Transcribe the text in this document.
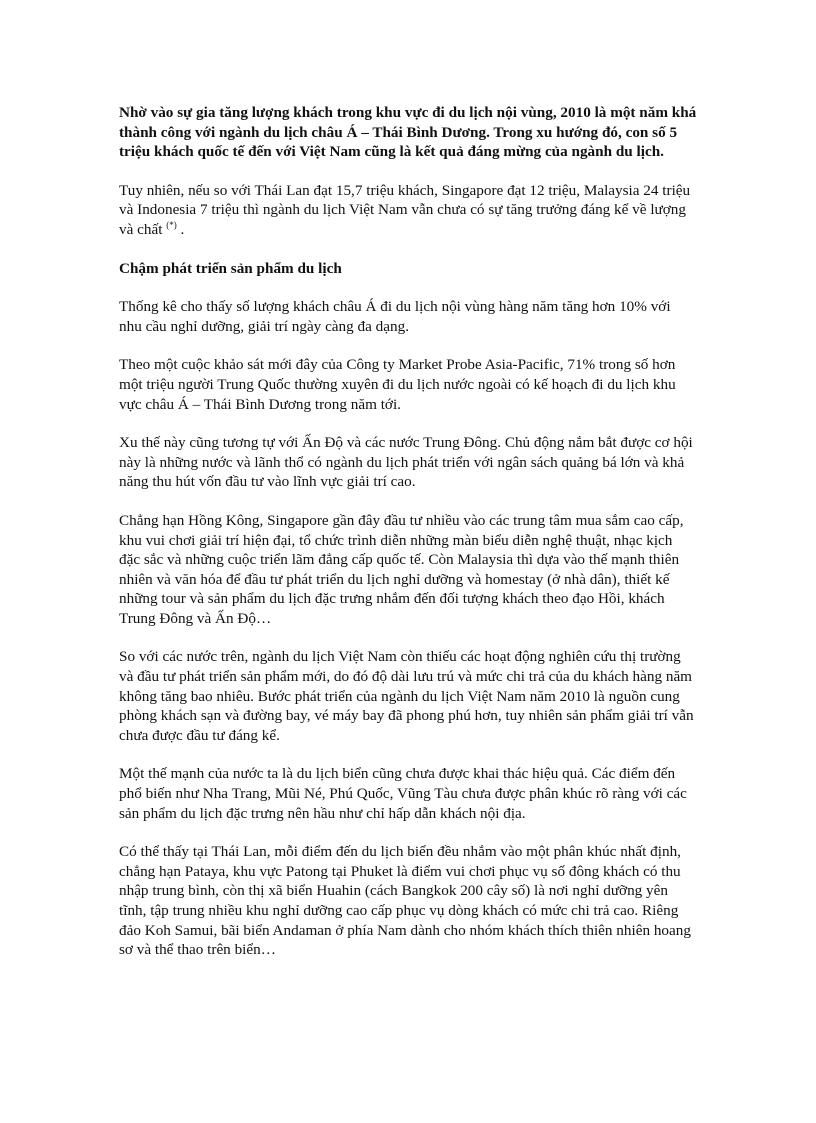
Nhờ vào sự gia tăng lượng khách trong khu vực đi du lịch nội vùng, 2010 là một năm khá thành công với ngành du lịch châu Á – Thái Bình Dương. Trong xu hướng đó, con số 5 triệu khách quốc tế đến với Việt Nam cũng là kết quả đáng mừng của ngành du lịch.

Tuy nhiên, nếu so với Thái Lan đạt 15,7 triệu khách, Singapore đạt 12 triệu, Malaysia 24 triệu và Indonesia 7 triệu thì ngành du lịch Việt Nam vẫn chưa có sự tăng trưởng đáng kể về lượng và chất (*) .

Chậm phát triển sản phẩm du lịch

Thống kê cho thấy số lượng khách châu Á đi du lịch nội vùng hàng năm tăng hơn 10% với nhu cầu nghỉ dưỡng, giải trí ngày càng đa dạng.

Theo một cuộc khảo sát mới đây của Công ty Market Probe Asia-Pacific, 71% trong số hơn một triệu người Trung Quốc thường xuyên đi du lịch nước ngoài có kế hoạch đi du lịch khu vực châu Á – Thái Bình Dương trong năm tới.

Xu thế này cũng tương tự với Ấn Độ và các nước Trung Đông. Chủ động nắm bắt được cơ hội này là những nước và lãnh thổ có ngành du lịch phát triển với ngân sách quảng bá lớn và khả năng thu hút vốn đầu tư vào lĩnh vực giải trí cao.

Chẳng hạn Hồng Kông, Singapore gần đây đầu tư nhiều vào các trung tâm mua sắm cao cấp, khu vui chơi giải trí hiện đại, tổ chức trình diễn những màn biểu diễn nghệ thuật, nhạc kịch đặc sắc và những cuộc triển lãm đẳng cấp quốc tế. Còn Malaysia thì dựa vào thế mạnh thiên nhiên và văn hóa để đầu tư phát triển du lịch nghỉ dưỡng và homestay (ở nhà dân), thiết kế những tour và sản phẩm du lịch đặc trưng nhắm đến đối tượng khách theo đạo Hồi, khách Trung Đông và Ấn Độ…

So với các nước trên, ngành du lịch Việt Nam còn thiếu các hoạt động nghiên cứu thị trường và đầu tư phát triển sản phẩm mới, do đó độ dài lưu trú và mức chi trả của du khách hàng năm không tăng bao nhiêu. Bước phát triển của ngành du lịch Việt Nam năm 2010 là nguồn cung phòng khách sạn và đường bay, vé máy bay đã phong phú hơn, tuy nhiên sản phẩm giải trí vẫn chưa được đầu tư đáng kể.

Một thế mạnh của nước ta là du lịch biển cũng chưa được khai thác hiệu quả. Các điểm đến phổ biến như Nha Trang, Mũi Né, Phú Quốc, Vũng Tàu chưa được phân khúc rõ ràng với các sản phẩm du lịch đặc trưng nên hầu như chỉ hấp dẫn khách nội địa.

Có thể thấy tại Thái Lan, mỗi điểm đến du lịch biển đều nhắm vào một phân khúc nhất định, chẳng hạn Pataya, khu vực Patong tại Phuket là điểm vui chơi phục vụ số đông khách có thu nhập trung bình, còn thị xã biển Huahin (cách Bangkok 200 cây số) là nơi nghỉ dưỡng yên tĩnh, tập trung nhiều khu nghỉ dưỡng cao cấp phục vụ dòng khách có mức chi trả cao. Riêng đảo Koh Samui, bãi biển Andaman ở phía Nam dành cho nhóm khách thích thiên nhiên hoang sơ và thể thao trên biển…
